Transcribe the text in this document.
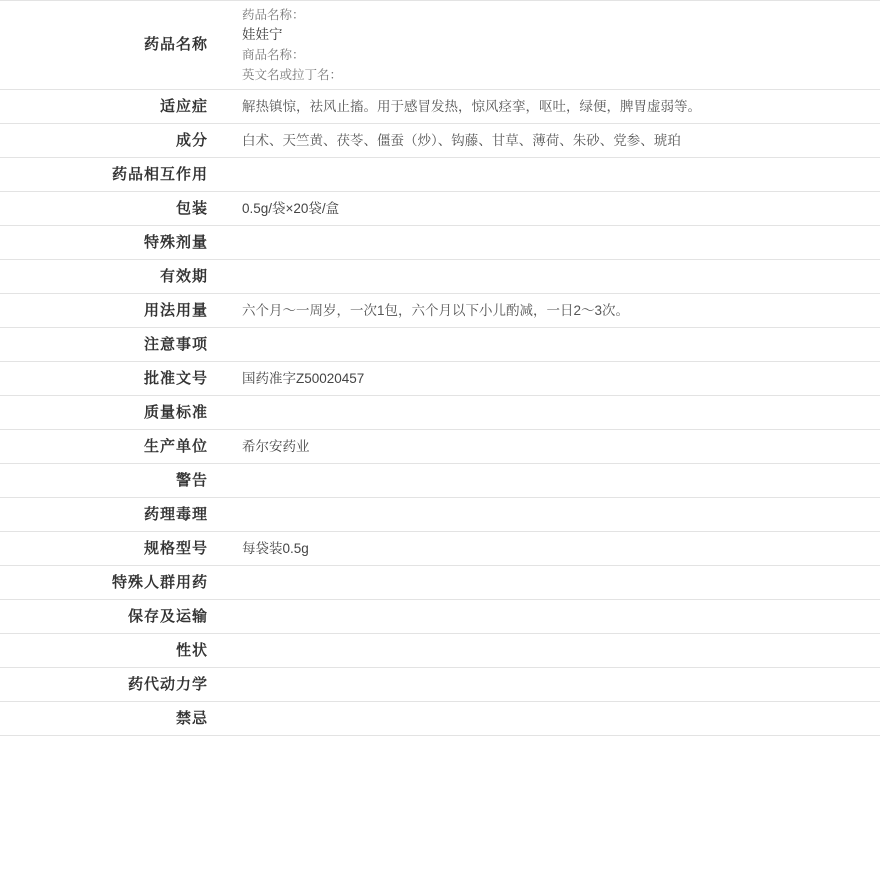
药品名称	药品名称：
娃娃宁
商品名称：
英文名或拉丁名：

适应症	解热镇惊，祛风止搐。用于感冒发热，惊风痉挛，呕吐，绿便，脾胃虚弱等。

成分	白术、天竺黄、茯苓、僵蚕（炒）、钩藤、甘草、薄荷、朱砂、党参、琥珀

药品相互作用	

包装	0.5g/袋×20袋/盒

特殊剂量	

有效期	

用法用量	六个月～一周岁，一次1包，六个月以下小儿酌减，一日2～3次。

注意事项	

批准文号	国药准字Z50020457

质量标准	

生产单位	希尔安药业

警告	

药理毒理	

规格型号	每袋装0.5g

特殊人群用药	

保存及运输	

性状	

药代动力学	

禁忌	
